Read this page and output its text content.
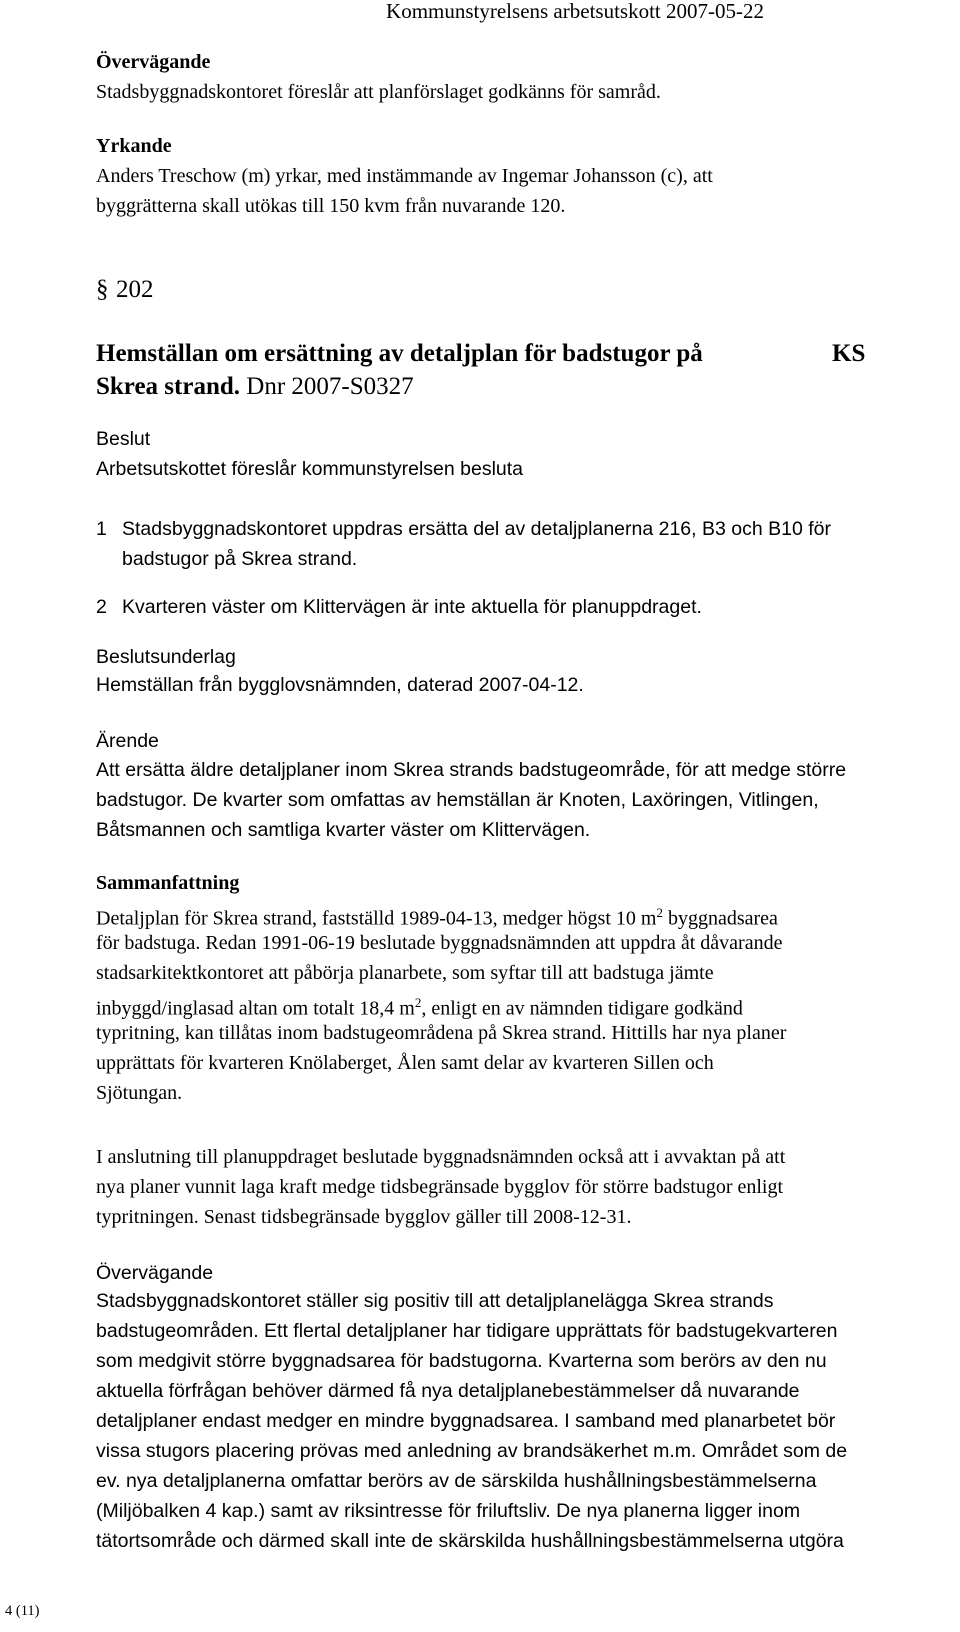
Kommunstyrelsens arbetsutskott 2007-05-22
Övervägande
Stadsbyggnadskontoret föreslår att planförslaget godkänns för samråd.
Yrkande
Anders Treschow (m) yrkar, med instämmande av Ingemar Johansson (c), att
byggrätterna skall utökas till 150 kvm från nuvarande 120.
§ 202
Hemställan om ersättning av detaljplan för badstugor på
Skrea strand. Dnr 2007-S0327
KS
Beslut
Arbetsutskottet föreslår kommunstyrelsen besluta
1 Stadsbyggnadskontoret uppdras ersätta del av detaljplanerna 216, B3 och B10 för
badstugor på Skrea strand.
2 Kvarteren väster om Klittervägen är inte aktuella för planuppdraget.
Beslutsunderlag
Hemställan från bygglovsnämnden, daterad 2007-04-12.
Ärende
Att ersätta äldre detaljplaner inom Skrea strands badstugeområde, för att medge större
badstugor. De kvarter som omfattas av hemställan är Knoten, Laxöringen, Vitlingen,
Båtsmannen och samtliga kvarter väster om Klittervägen.
Sammanfattning
Detaljplan för Skrea strand, fastställd 1989-04-13, medger högst 10 $m^2$ byggnadsarea
för badstuga. Redan 1991-06-19 beslutade byggnadsnämnden att uppdra åt dåvarande
stadsarkitektkontoret att påbörja planarbete, som syftar till att badstuga jämte
inbyggd/inglasad altan om totalt 18,4 $m^2$, enligt en av nämnden tidigare godkänd
typritning, kan tillåtas inom badstugeområdena på Skrea strand. Hittills har nya planer
upprättats för kvarteren Knölaberget, Ålen samt delar av kvarteren Sillen och
Sjötungan.
I anslutning till planuppdraget beslutade byggnadsnämnden också att i avvaktan på att
nya planer vunnit laga kraft medge tidsbegränsade bygglov för större badstugor enligt
typritningen. Senast tidsbegränsade bygglov gäller till 2008-12-31.
Övervägande
Stadsbyggnadskontoret ställer sig positiv till att detaljplanelägga Skrea strands
badstugeområden. Ett flertal detaljplaner har tidigare upprättats för badstugekvarteren
som medgivit större byggnadsarea för badstugorna. Kvarterna som berörs av den nu
aktuella förfrågan behöver därmed få nya detaljplanebestämmelser då nuvarande
detaljplaner endast medger en mindre byggnadsarea. I samband med planarbetet bör
vissa stugors placering prövas med anledning av brandsäkerhet m.m. Området som de
ev. nya detaljplanerna omfattar berörs av de särskilda hushållningsbestämmelserna
(Miljöbalken 4 kap.) samt av riksintresse för friluftsliv. De nya planerna ligger inom
tätortsområde och därmed skall inte de skärskilda hushållningsbestämmelserna utgöra
4 (11)
